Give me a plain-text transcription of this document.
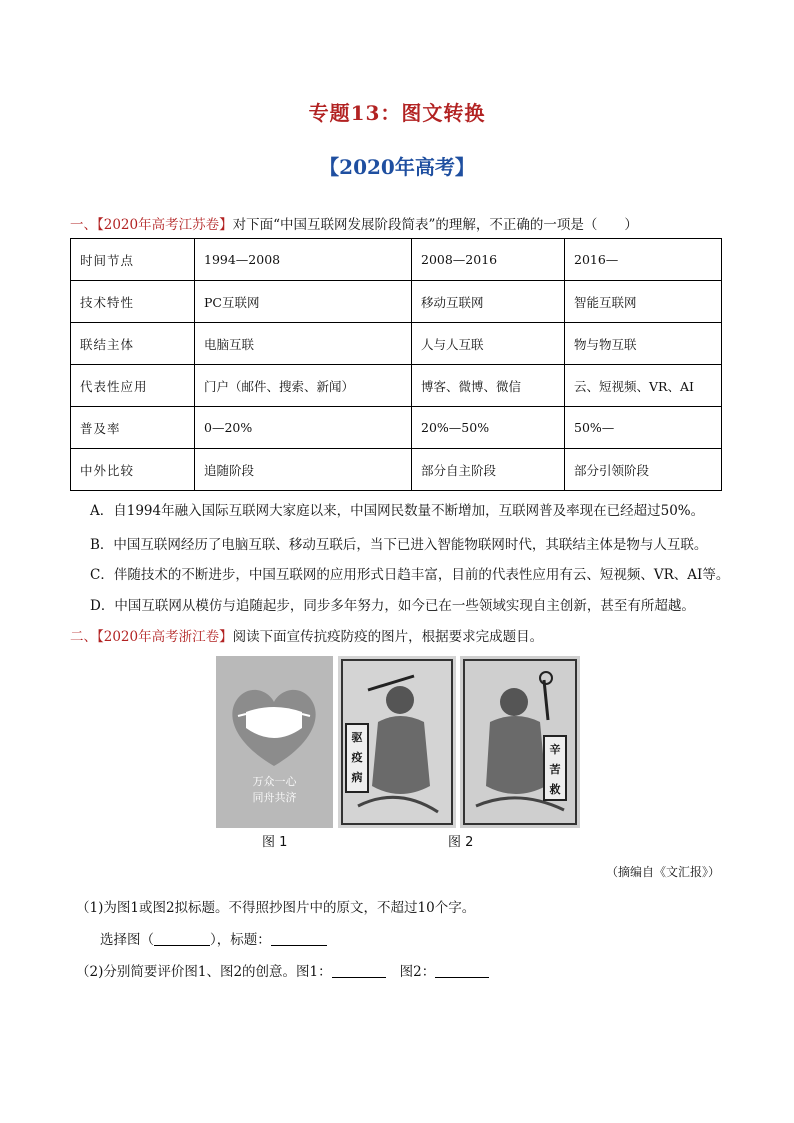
专题13：图文转换
【2020年高考】
一、【2020年高考江苏卷】对下面“中国互联网发展阶段简表”的理解，不正确的一项是（　　）
时间节点	1994—2008	2008—2016	2016—
技术特性	PC互联网	移动互联网	智能互联网
联结主体	电脑互联	人与人互联	物与物互联
代表性应用	门户（邮件、搜索、新闻）	博客、微博、微信	云、短视频、VR、AI
普及率	0—20%	20%—50%	50%—
中外比较	追随阶段	部分自主阶段	部分引领阶段
A．自1994年融入国际互联网大家庭以来，中国网民数量不断增加，互联网普及率现在已经超过50%。
B．中国互联网经历了电脑互联、移动互联后，当下已进入智能物联网时代，其联结主体是物与人互联。
C．伴随技术的不断进步，中国互联网的应用形式日趋丰富，目前的代表性应用有云、短视频、VR、AI等。
D．中国互联网从模仿与追随起步，同步多年努力，如今已在一些领域实现自主创新，甚至有所超越。
二、【2020年高考浙江卷】阅读下面宣传抗疫防疫的图片，根据要求完成题目。
万众一心
同舟共济
驱疫病
辛苦救
图 1	图 2
（摘编自《文汇报》）
（1)为图1或图2拟标题。不得照抄图片中的原文，不超过10个字。
选择图（	），标题：
（2)分别简要评价图1、图2的创意。图1：	图2：
